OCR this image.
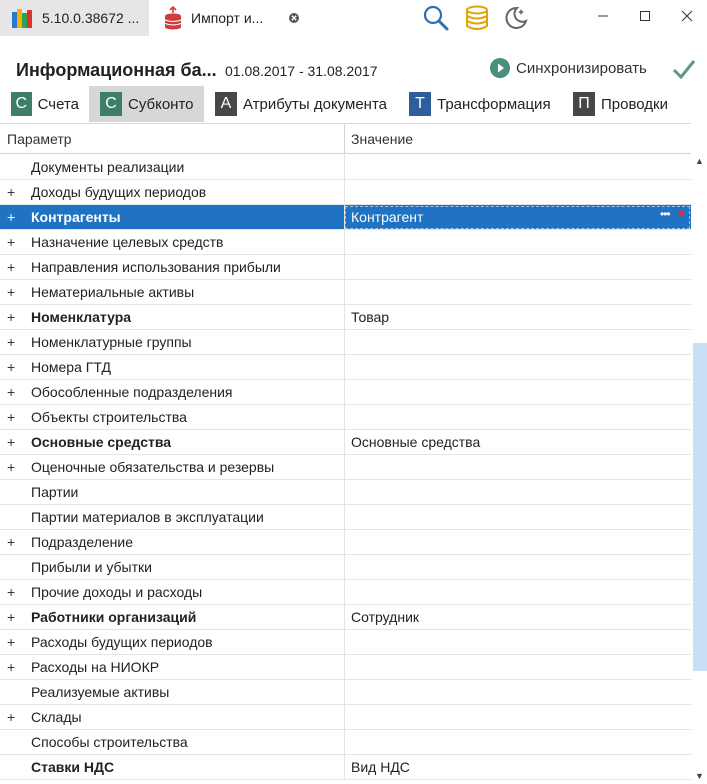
5.10.0.38672 ...	Импорт и...
Информационная ба... 01.08.2017 - 31.08.2017	Синхронизировать
С Счета	С Субконто	А Атрибуты документа	Т Трансформация	П Проводки
Параметр	Значение
Документы реализации
+ Доходы будущих периодов
+ Контрагенты	Контрагент	••• ✖
+ Назначение целевых средств
+ Направления использования прибыли
+ Нематериальные активы
+ Номенклатура	Товар
+ Номенклатурные группы
+ Номера ГТД
+ Обособленные подразделения
+ Объекты строительства
+ Основные средства	Основные средства
+ Оценочные обязательства и резервы
Партии
Партии материалов в эксплуатации
+ Подразделение
Прибыли и убытки
+ Прочие доходы и расходы
+ Работники организаций	Сотрудник
+ Расходы будущих периодов
+ Расходы на НИОКР
Реализуемые активы
+ Склады
Способы строительства
Ставки НДС	Вид НДС
▲
▼
